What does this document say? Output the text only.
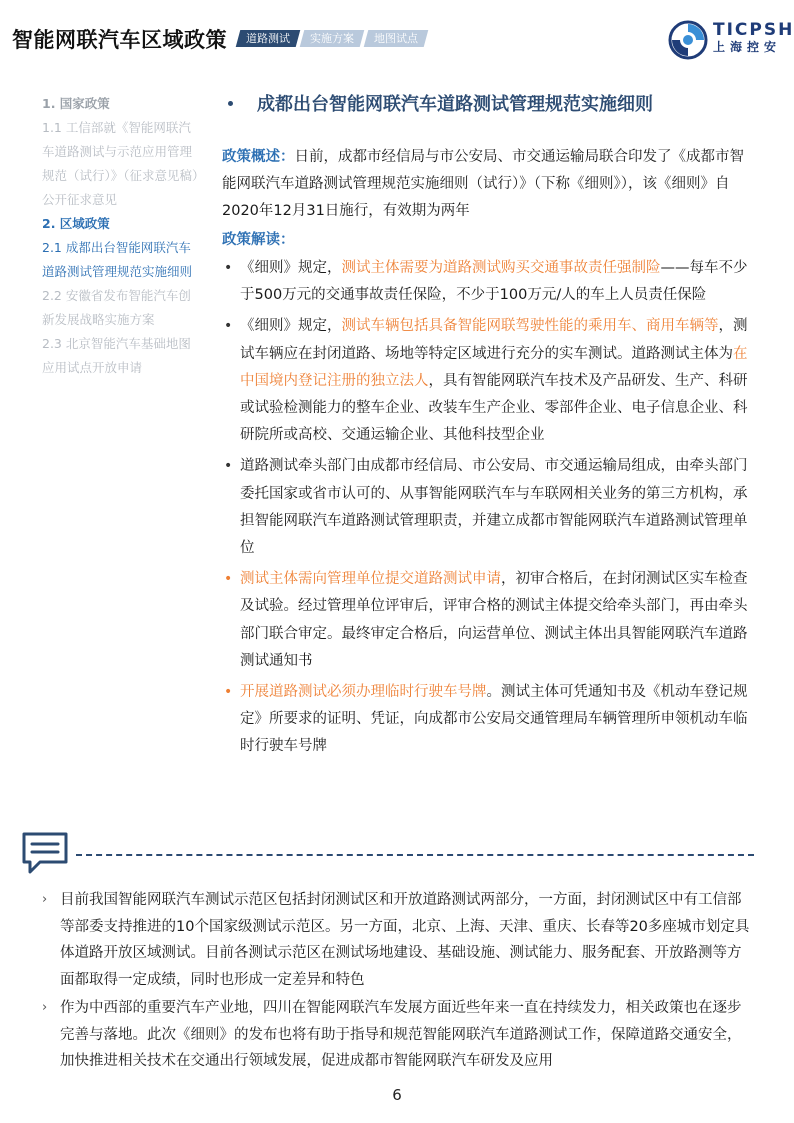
智能网联汽车区域政策	道路测试	实施方案	地图试点	TICPSH
上海控安
1. 国家政策
1.1 工信部就《智能网联汽车道路测试与示范应用管理规范（试行）》（征求意见稿）公开征求意见
2. 区域政策
2.1 成都出台智能网联汽车道路测试管理规范实施细则
2.2 安徽省发布智能汽车创新发展战略实施方案
2.3 北京智能汽车基础地图应用试点开放申请
成都出台智能网联汽车道路测试管理规范实施细则
政策概述：日前，成都市经信局与市公安局、市交通运输局联合印发了《成都市智能网联汽车道路测试管理规范实施细则（试行）》（下称《细则》），该《细则》自2020年12月31日施行，有效期为两年
政策解读：
• 《细则》规定，测试主体需要为道路测试购买交通事故责任强制险——每车不少于500万元的交通事故责任保险，不少于100万元/人的车上人员责任保险
• 《细则》规定，测试车辆包括具备智能网联驾驶性能的乘用车、商用车辆等，测试车辆应在封闭道路、场地等特定区域进行充分的实车测试。道路测试主体为在中国境内登记注册的独立法人，具有智能网联汽车技术及产品研发、生产、科研或试验检测能力的整车企业、改装车生产企业、零部件企业、电子信息企业、科研院所或高校、交通运输企业、其他科技型企业
• 道路测试牵头部门由成都市经信局、市公安局、市交通运输局组成，由牵头部门委托国家或省市认可的、从事智能网联汽车与车联网相关业务的第三方机构，承担智能网联汽车道路测试管理职责，并建立成都市智能网联汽车道路测试管理单位
• 测试主体需向管理单位提交道路测试申请，初审合格后，在封闭测试区实车检查及试验。经过管理单位评审后，评审合格的测试主体提交给牵头部门，再由牵头部门联合审定。最终审定合格后，向运营单位、测试主体出具智能网联汽车道路测试通知书
• 开展道路测试必须办理临时行驶车号牌。测试主体可凭通知书及《机动车登记规定》所要求的证明、凭证，向成都市公安局交通管理局车辆管理所申领机动车临时行驶车号牌
› 目前我国智能网联汽车测试示范区包括封闭测试区和开放道路测试两部分，一方面，封闭测试区中有工信部等部委支持推进的10个国家级测试示范区。另一方面，北京、上海、天津、重庆、长春等20多座城市划定具体道路开放区域测试。目前各测试示范区在测试场地建设、基础设施、测试能力、服务配套、开放路测等方面都取得一定成绩，同时也形成一定差异和特色
› 作为中西部的重要汽车产业地，四川在智能网联汽车发展方面近些年来一直在持续发力，相关政策也在逐步完善与落地。此次《细则》的发布也将有助于指导和规范智能网联汽车道路测试工作，保障道路交通安全，加快推进相关技术在交通出行领域发展，促进成都市智能网联汽车研发及应用
6
